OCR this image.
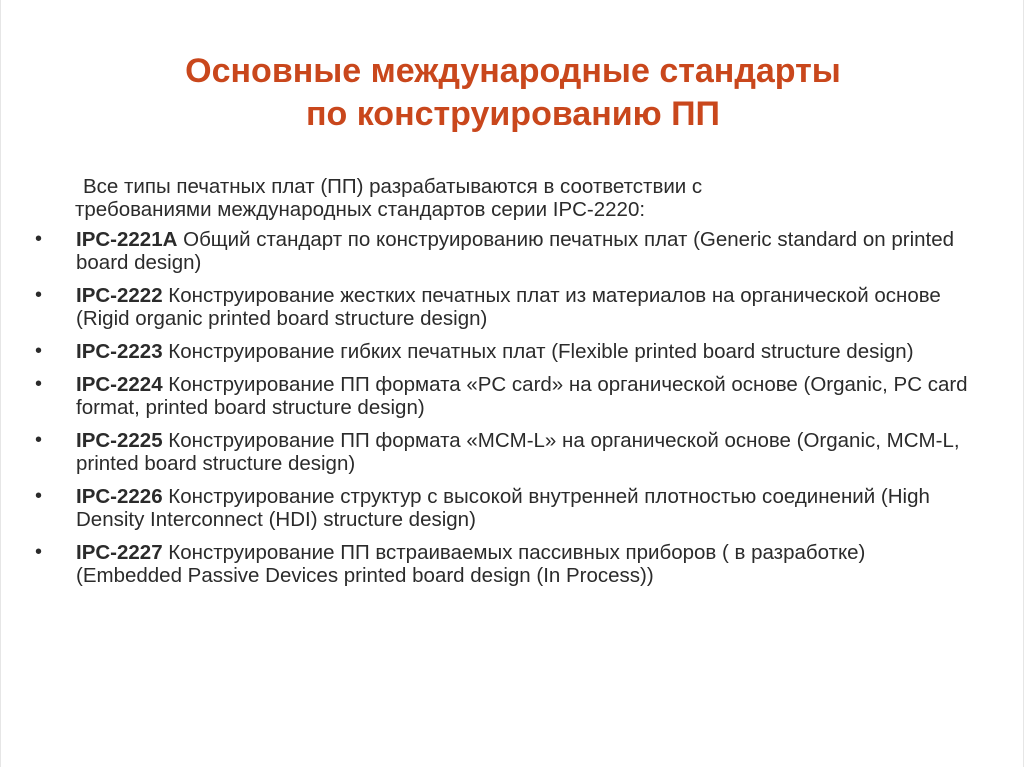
Основные международные стандарты
по конструированию ПП
Все типы печатных плат (ПП) разрабатываются в соответствии с
требованиями международных стандартов серии IPC-2220:
• IPC-2221A Общий стандарт по конструированию печатных плат (Generic standard on printed board design)
• IPC-2222 Конструирование жестких печатных плат из материалов на органической основе (Rigid organic printed board structure design)
• IPC-2223 Конструирование гибких печатных плат (Flexible printed board structure design)
• IPC-2224 Конструирование ПП формата «PC card» на органической основе (Organic, PC card format, printed board structure design)
• IPC-2225 Конструирование ПП формата «MCM-L» на органической основе (Organic, MCM-L, printed board structure design)
• IPC-2226 Конструирование структур с высокой внутренней плотностью соединений (High Density Interconnect (HDI) structure design)
• IPC-2227 Конструирование ПП встраиваемых пассивных приборов ( в разработке) (Embedded Passive Devices printed board design (In Process))
